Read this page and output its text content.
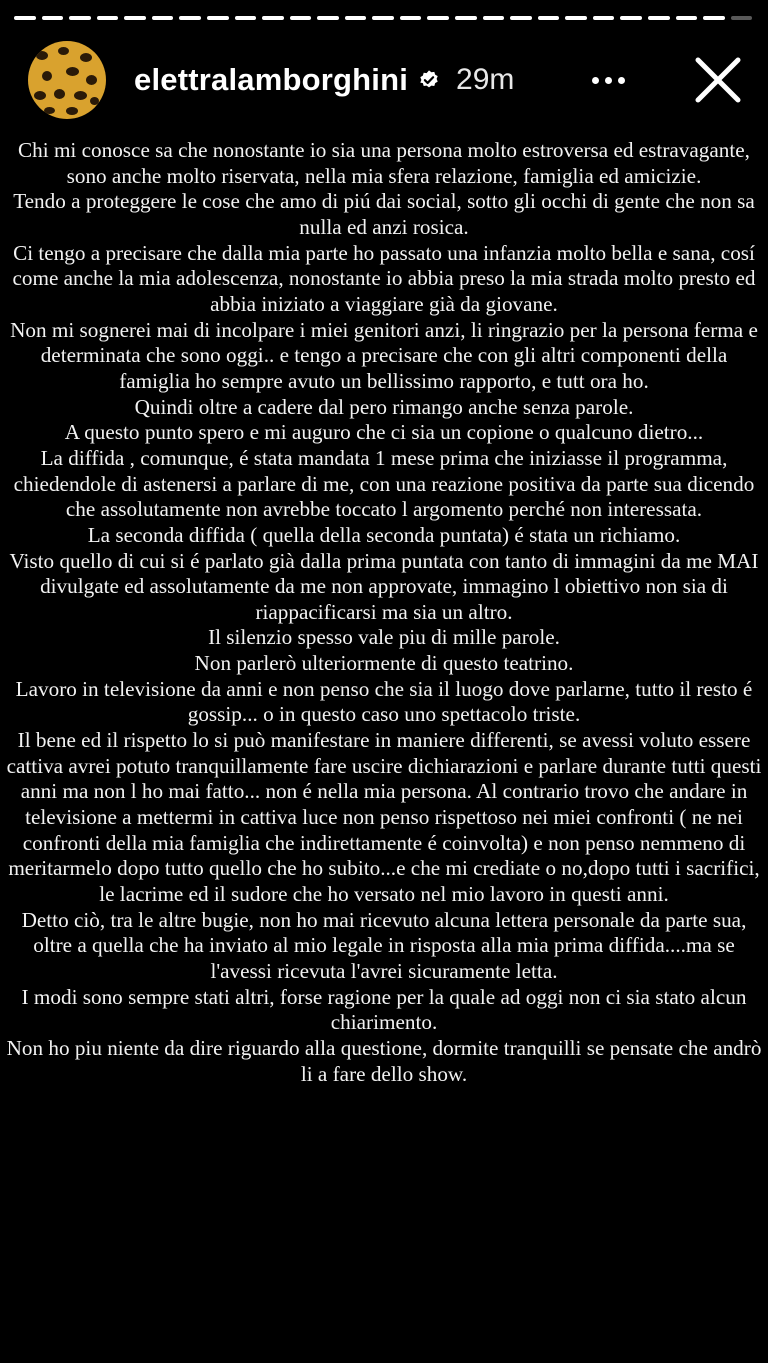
elettralamborghini 29m

Chi mi conosce sa che nonostante io sia una persona molto estroversa ed estravagante, sono anche molto riservata, nella mia sfera relazione, famiglia ed amicizie.

Tendo a proteggere le cose che amo di piú dai social, sotto gli occhi di gente che non sa nulla ed anzi rosica.

Ci tengo a precisare che dalla mia parte ho passato una infanzia molto bella e sana, cosí come anche la mia adolescenza, nonostante io abbia preso la mia strada molto presto ed abbia iniziato a viaggiare già da giovane.

Non mi sognerei mai di incolpare i miei genitori anzi, li ringrazio per la persona ferma e determinata che sono oggi.. e tengo a precisare che con gli altri componenti della famiglia ho sempre avuto un bellissimo rapporto, e tutt ora ho.

Quindi oltre a cadere dal pero rimango anche senza parole.

A questo punto spero e mi auguro che ci sia un copione o qualcuno dietro...

La diffida , comunque, é stata mandata 1 mese prima che iniziasse il programma, chiedendole di astenersi a parlare di me, con una reazione positiva da parte sua dicendo che assolutamente non avrebbe toccato l argomento perché non interessata.

La seconda diffida ( quella della seconda puntata) é stata un richiamo.

Visto quello di cui si é parlato già dalla prima puntata con tanto di immagini da me MAI divulgate ed assolutamente da me non approvate, immagino l obiettivo non sia di riappacificarsi ma sia un altro.

Il silenzio spesso vale piu di mille parole.

Non parlerò ulteriormente di questo teatrino.

Lavoro in televisione da anni e non penso che sia il luogo dove parlarne, tutto il resto é gossip... o in questo caso uno spettacolo triste.

Il bene ed il rispetto lo si può manifestare in maniere differenti, se avessi voluto essere cattiva avrei potuto tranquillamente fare uscire dichiarazioni e parlare durante tutti questi anni ma non l ho mai fatto... non é nella mia persona. Al contrario trovo che andare in televisione a mettermi in cattiva luce non penso rispettoso nei miei confronti ( ne nei confronti della mia famiglia che indirettamente é coinvolta) e non penso nemmeno di meritarmelo dopo tutto quello che ho subito...e che mi crediate o no,dopo tutti i sacrifici, le lacrime ed il sudore che ho versato nel mio lavoro in questi anni.

Detto ciò, tra le altre bugie, non ho mai ricevuto alcuna lettera personale da parte sua, oltre a quella che ha inviato al mio legale in risposta alla mia prima diffida....ma se l'avessi ricevuta l'avrei sicuramente letta.

I modi sono sempre stati altri, forse ragione per la quale ad oggi non ci sia stato alcun chiarimento.

Non ho piu niente da dire riguardo alla questione, dormite tranquilli se pensate che andrò li a fare dello show.
